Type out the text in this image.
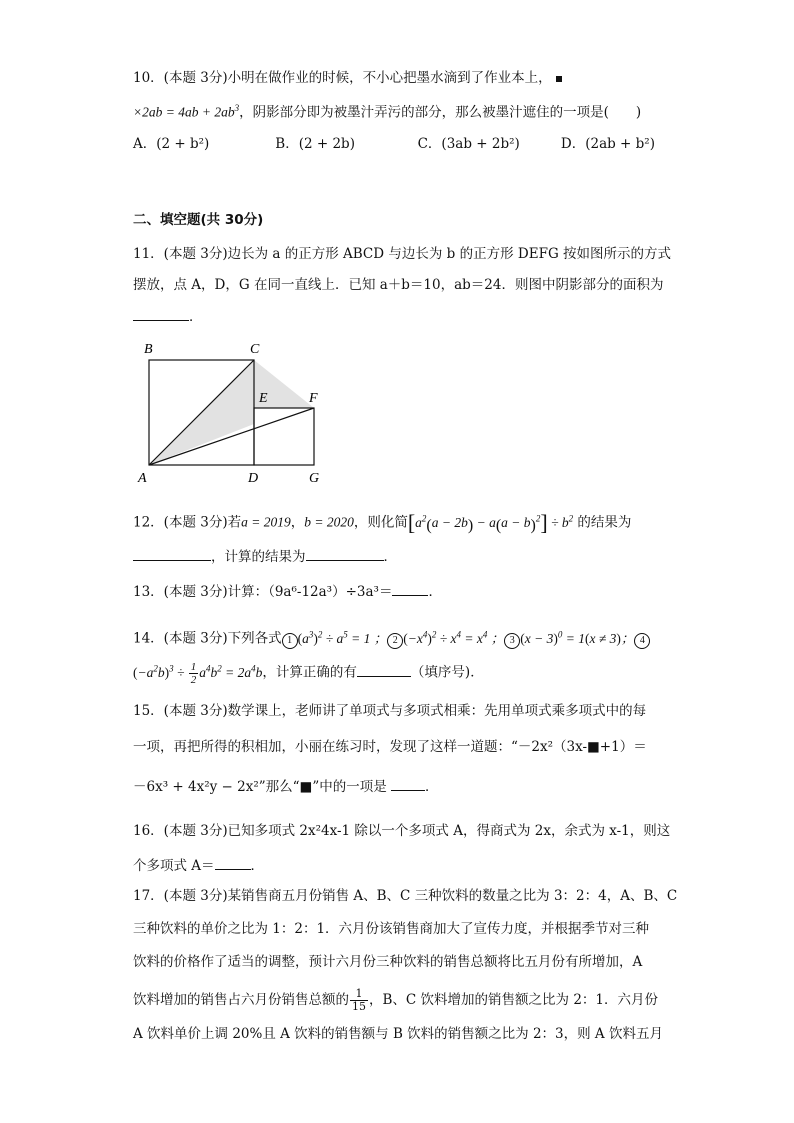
10．(本题 3分)小明在做作业的时候，不小心把墨水滴到了作业本上，
$\times 2ab = 4ab + 2ab^3$，阴影部分即为被墨汁弄污的部分，那么被墨汁遮住的一项是(　　)
A．(2 + b²)	B．(2 + 2b)	C．(3ab + 2b²)	D．(2ab + b²)
二、填空题(共 30分)
11．(本题 3分)边长为 a 的正方形 ABCD 与边长为 b 的正方形 DEFG 按如图所示的方式
摆放，点 A，D，G 在同一直线上．已知 a＋b＝10，ab＝24．则图中阴影部分的面积为
．
B	C
E	F
A	D	G
12．(本题 3分)若a = 2019，b = 2020，则化简$[a^2(a - 2b) - a(a - b)^2] \div b^2$ 的结果为
，计算的结果为	．
13．(本题 3分)计算：（9a⁶-12a³）÷3a³＝	．
14．(本题 3分)下列各式 1 $(a^3)^2 \div a^5 = 1$ ； 2 $(-x^4)^2 \div x^4 = x^4$ ； 3 $(x - 3)^0 = 1(x \ne 3)$； 4
$(-a^2b)^3 \div \frac{1}{2} a^4b^2 = 2a^4b$，计算正确的有	（填序号)．
15．(本题 3分)数学课上，老师讲了单项式与多项式相乘：先用单项式乘多项式中的每
一项，再把所得的积相加，小丽在练习时，发现了这样一道题：“－2x²（3x-■+1）＝
－6x³ + 4x²y − 2x²”那么“■”中的一项是	．
16．(本题 3分)已知多项式 2x²4x-1 除以一个多项式 A，得商式为 2x，余式为 x-1，则这
个多项式 A＝	．
17．(本题 3分)某销售商五月份销售 A、B、C 三种饮料的数量之比为 3：2：4，A、B、C
三种饮料的单价之比为 1：2：1．六月份该销售商加大了宣传力度，并根据季节对三种
饮料的价格作了适当的调整，预计六月份三种饮料的销售总额将比五月份有所增加，A
饮料增加的销售占六月份销售总额的 $\frac{1}{15}$ ，B、C 饮料增加的销售额之比为 2：1．六月份
A 饮料单价上调 20%且 A 饮料的销售额与 B 饮料的销售额之比为 2：3，则 A 饮料五月
